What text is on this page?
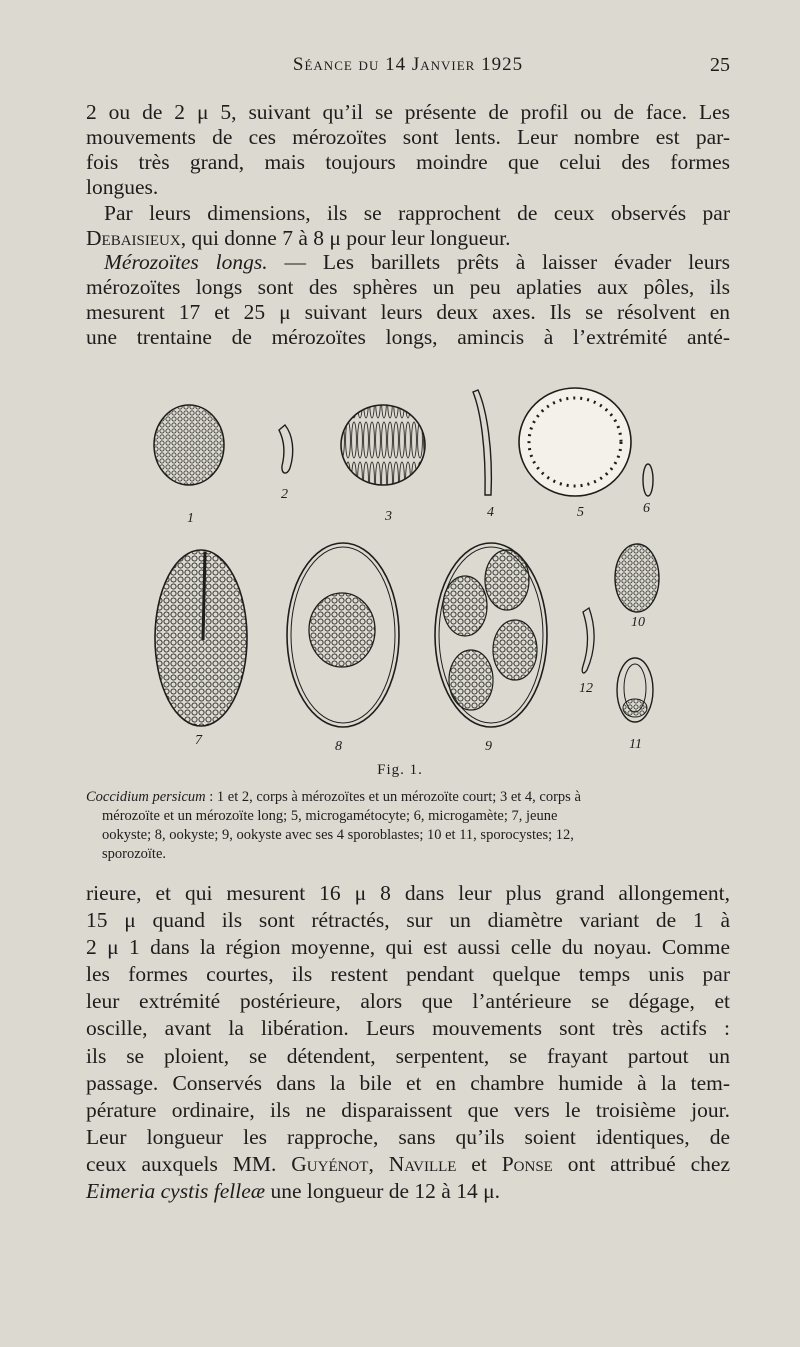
Séance du 14 Janvier 1925	25

2 ou de 2 μ 5, suivant qu’il se présente de profil ou de face. Les
mouvements de ces mérozoïtes sont lents. Leur nombre est par-
fois très grand, mais toujours moindre que celui des formes
longues.

Par leurs dimensions, ils se rapprochent de ceux observés par
Debaisieux, qui donne 7 à 8 μ pour leur longueur.

Mérozoïtes longs. — Les barillets prêts à laisser évader leurs
mérozoïtes longs sont des sphères un peu aplaties aux pôles, ils
mesurent 17 et 25 μ suivant leurs deux axes. Ils se résolvent en
une trentaine de mérozoïtes longs, amincis à l’extrémité anté-

1
2
3	4	5	6
7	8	9
10
11
12
Fig. 1.
Coccidium persicum : 1 et 2, corps à mérozoïtes et un mérozoïte court; 3 et 4, corps à
mérozoïte et un mérozoïte long; 5, microgamétocyte; 6, microgamète; 7, jeune
ookyste; 8, ookyste; 9, ookyste avec ses 4 sporoblastes; 10 et 11, sporocystes; 12,
sporozoïte.

rieure, et qui mesurent 16 μ 8 dans leur plus grand allongement,
15 μ quand ils sont rétractés, sur un diamètre variant de 1 à
2 μ 1 dans la région moyenne, qui est aussi celle du noyau. Comme
les formes courtes, ils restent pendant quelque temps unis par
leur extrémité postérieure, alors que l’antérieure se dégage, et
oscille, avant la libération. Leurs mouvements sont très actifs :
ils se ploient, se détendent, serpentent, se frayant partout un
passage. Conservés dans la bile et en chambre humide à la tem-
pérature ordinaire, ils ne disparaissent que vers le troisième jour.
Leur longueur les rapproche, sans qu’ils soient identiques, de
ceux auxquels MM. Guyénot, Naville et Ponse ont attribué chez
Eimeria cystis felleæ une longueur de 12 à 14 μ.
